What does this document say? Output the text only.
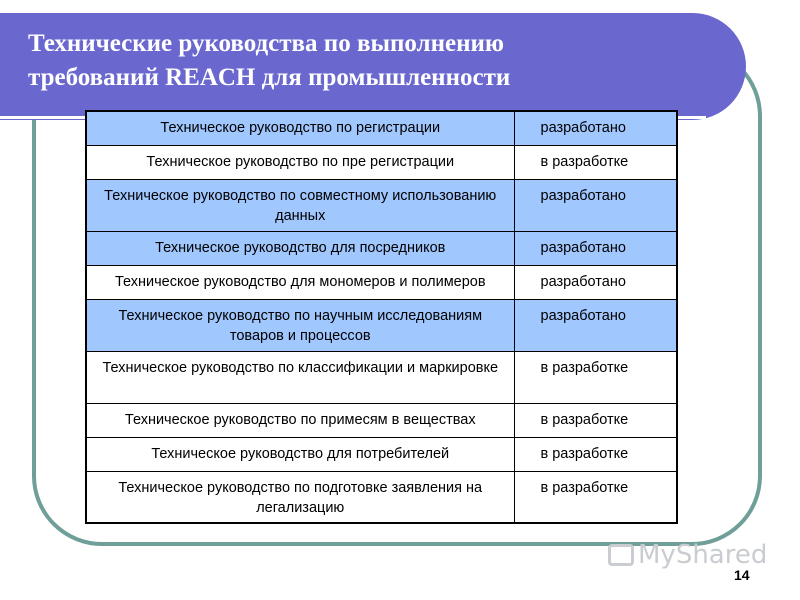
Технические руководства по выполнению
требований REACH для промышленности
Техническое руководство по регистрации	разработано
Техническое руководство по пре регистрации	в разработке
Техническое руководство по совместному использованию данных	разработано
Техническое руководство для посредников	разработано
Техническое руководство для мономеров и полимеров	разработано
Техническое руководство по научным исследованиям товаров и процессов	разработано
Техническое руководство по классификации и маркировке	в разработке
Техническое руководство по примесям в веществах	в разработке
Техническое руководство для потребителей	в разработке
Техническое руководство по подготовке заявления на легализацию	в разработке
MyShared
14
